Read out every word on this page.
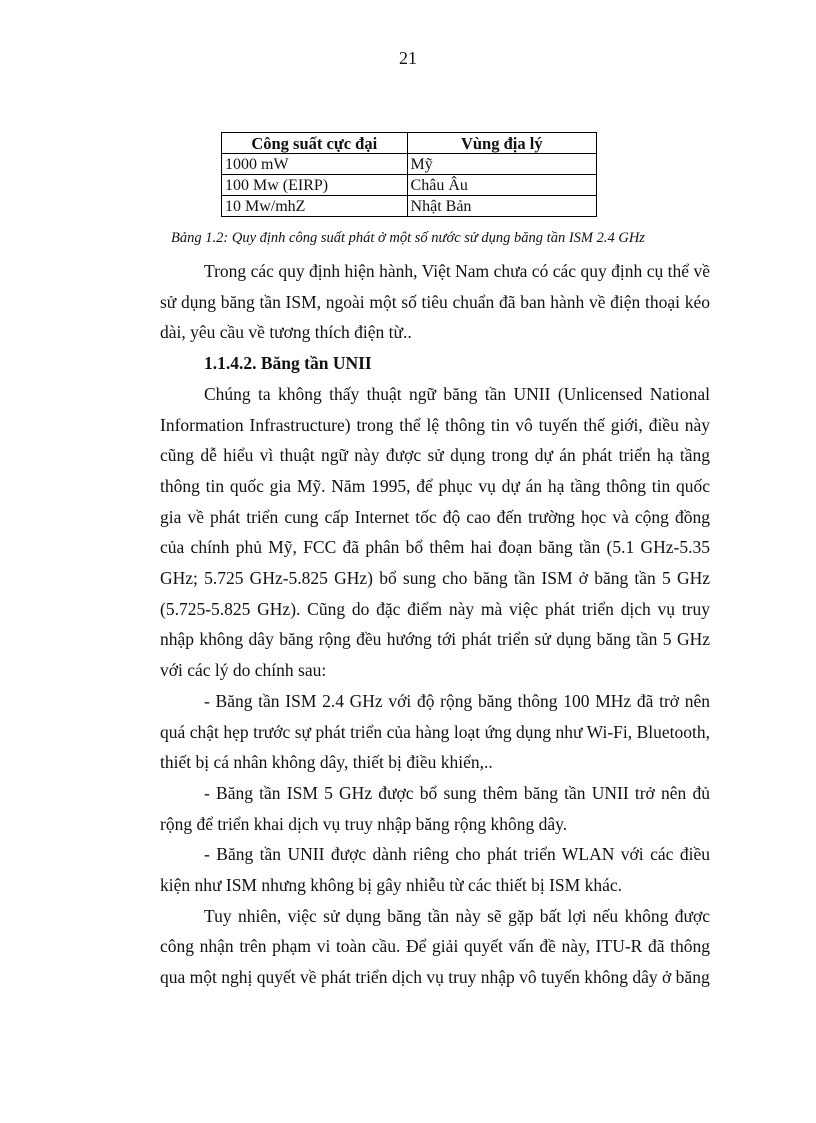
21
Công suất cực đại	Vùng địa lý
1000 mW	Mỹ
100 Mw (EIRP)	Châu Âu
10 Mw/mhZ	Nhật Bản
Bảng 1.2: Quy định công suất phát ở một số nước sử dụng băng tần ISM 2.4 GHz

Trong các quy định hiện hành, Việt Nam chưa có các quy định cụ thể về sử dụng băng tần ISM, ngoài một số tiêu chuẩn đã ban hành về điện thoại kéo dài, yêu cầu về tương thích điện từ..

1.1.4.2. Băng tần UNII

Chúng ta không thấy thuật ngữ băng tần UNII (Unlicensed National Information Infrastructure) trong thể lệ thông tin vô tuyến thế giới, điều này cũng dễ hiểu vì thuật ngữ này được sử dụng trong dự án phát triển hạ tầng thông tin quốc gia Mỹ. Năm 1995, để phục vụ dự án hạ tầng thông tin quốc gia về phát triển cung cấp Internet tốc độ cao đến trường học và cộng đồng của chính phủ Mỹ, FCC đã phân bổ thêm hai đoạn băng tần (5.1 GHz-5.35 GHz; 5.725 GHz-5.825 GHz) bổ sung cho băng tần ISM ở băng tần 5 GHz (5.725-5.825 GHz). Cũng do đặc điểm này mà việc phát triển dịch vụ truy nhập không dây băng rộng đều hướng tới phát triển sử dụng băng tần 5 GHz với các lý do chính sau:

- Băng tần ISM 2.4 GHz với độ rộng băng thông 100 MHz đã trở nên quá chật hẹp trước sự phát triển của hàng loạt ứng dụng như Wi-Fi, Bluetooth, thiết bị cá nhân không dây, thiết bị điều khiển,..

- Băng tần ISM 5 GHz được bổ sung thêm băng tần UNII trở nên đủ rộng để triển khai dịch vụ truy nhập băng rộng không dây.

- Băng tần UNII được dành riêng cho phát triển WLAN với các điều kiện như ISM nhưng không bị gây nhiễu từ các thiết bị ISM khác.

Tuy nhiên, việc sử dụng băng tần này sẽ gặp bất lợi nếu không được công nhận trên phạm vi toàn cầu. Để giải quyết vấn đề này, ITU-R đã thông qua một nghị quyết về phát triển dịch vụ truy nhập vô tuyến không dây ở băng
